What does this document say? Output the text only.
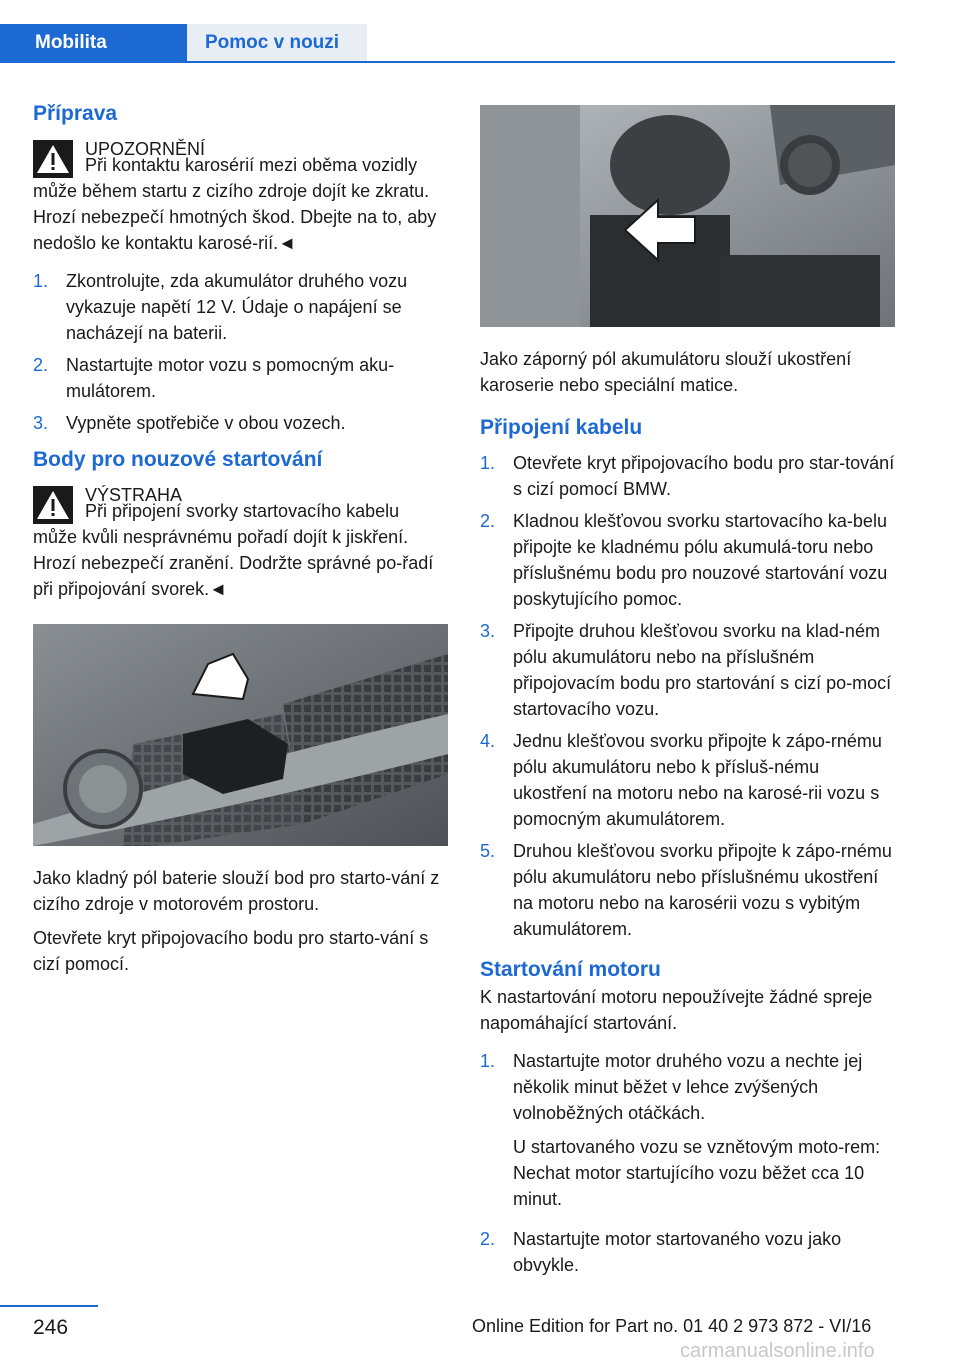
Mobilita	Pomoc v nouzi
Příprava
UPOZORNĚNÍ
Při kontaktu karosérií mezi oběma vozidly může během startu z cizího zdroje dojít ke zkratu. Hrozí nebezpečí hmotných škod. Dbejte na to, aby nedošlo ke kontaktu karosé-rií.◄
1. Zkontrolujte, zda akumulátor druhého vozu vykazuje napětí 12 V. Údaje o napájení se nacházejí na baterii.
2. Nastartujte motor vozu s pomocným aku-mulátorem.
3. Vypněte spotřebiče v obou vozech.
Body pro nouzové startování
VÝSTRAHA
Při připojení svorky startovacího kabelu může kvůli nesprávnému pořadí dojít k jiskření. Hrozí nebezpečí zranění. Dodržte správné po-řadí při připojování svorek.◄

Jako kladný pól baterie slouží bod pro starto-vání z cizího zdroje v motorovém prostoru.

Otevřete kryt připojovacího bodu pro starto-vání s cizí pomocí.

Jako záporný pól akumulátoru slouží ukostření karoserie nebo speciální matice.

Připojení kabelu
1. Otevřete kryt připojovacího bodu pro star-tování s cizí pomocí BMW.
2. Kladnou klešťovou svorku startovacího ka-belu připojte ke kladnému pólu akumulá-toru nebo příslušnému bodu pro nouzové startování vozu poskytujícího pomoc.
3. Připojte druhou klešťovou svorku na klad-ném pólu akumulátoru nebo na příslušném připojovacím bodu pro startování s cizí po-mocí startovacího vozu.
4. Jednu klešťovou svorku připojte k zápo-rnému pólu akumulátoru nebo k přísluš-nému ukostření na motoru nebo na karosé-rii vozu s pomocným akumulátorem.
5. Druhou klešťovou svorku připojte k zápo-rnému pólu akumulátoru nebo příslušnému ukostření na motoru nebo na karosérii vozu s vybitým akumulátorem.
Startování motoru

K nastartování motoru nepoužívejte žádné spreje napomáhající startování.

1. Nastartujte motor druhého vozu a nechte jej několik minut běžet v lehce zvýšených volnoběžných otáčkách.

U startovaného vozu se vznětovým moto-rem: Nechat motor startujícího vozu běžet cca 10 minut.

2. Nastartujte motor startovaného vozu jako obvykle.

246	Online Edition for Part no. 01 40 2 973 872 - VI/16
carmanualsonline.info
